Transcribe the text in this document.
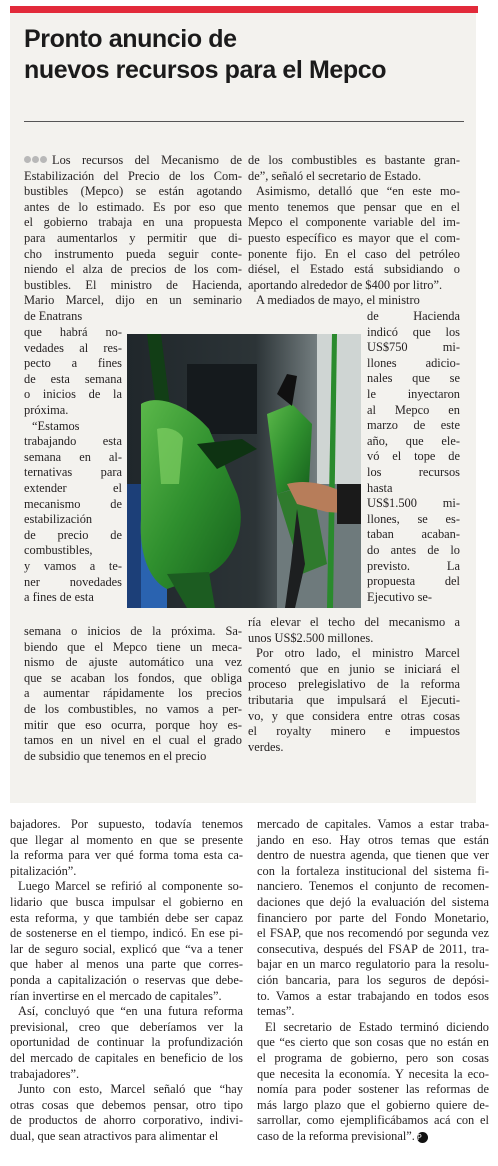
Pronto anuncio de
nuevos recursos para el Mepco
Los recursos del Mecanismo de
Estabilización del Precio de los Com-
bustibles (Mepco) se están agotando
antes de lo estimado. Es por eso que
el gobierno trabaja en una propuesta
para aumentarlos y permitir que di-
cho instrumento pueda seguir conte-
niendo el alza de precios de los com-
bustibles. El ministro de Hacienda,
Mario Marcel, dijo en un seminario
de Enatrans
que habrá no-
vedades al res-
pecto a fines
de esta semana
o inicios de la
próxima.
“Estamos
trabajando esta
semana en al-
ternativas para
extender el
mecanismo de
estabilización
de precio de
combustibles,
y vamos a te-
ner novedades
a fines de esta
semana o inicios de la próxima. Sa-
biendo que el Mepco tiene un meca-
nismo de ajuste automático una vez
que se acaban los fondos, que obliga
a aumentar rápidamente los precios
de los combustibles, no vamos a per-
mitir que eso ocurra, porque hoy es-
tamos en un nivel en el cual el grado
de subsidio que tenemos en el precio
de los combustibles es bastante gran-
de”, señaló el secretario de Estado.
Asimismo, detalló que “en este mo-
mento tenemos que pensar que en el
Mepco el componente variable del im-
puesto específico es mayor que el com-
ponente fijo. En el caso del petróleo
diésel, el Estado está subsidiando o
aportando alrededor de $400 por litro”.
A mediados de mayo, el ministro
de Hacienda
indicó que los
US$750 mi-
llones adicio-
nales que se
le inyectaron
al Mepco en
marzo de este
año, que ele-
vó el tope de
los recursos
hasta
US$1.500 mi-
llones, se es-
taban acaban-
do antes de lo
previsto. La
propuesta del
Ejecutivo se-
ría elevar el techo del mecanismo a
unos US$2.500 millones.
Por otro lado, el ministro Marcel
comentó que en junio se iniciará el
proceso prelegislativo de la reforma
tributaria que impulsará el Ejecuti-
vo, y que considera entre otras cosas
el royalty minero e impuestos
verdes.
bajadores. Por supuesto, todavía tenemos
que llegar al momento en que se presente
la reforma para ver qué forma toma esta ca-
pitalización”.
Luego Marcel se refirió al componente so-
lidario que busca impulsar el gobierno en
esta reforma, y que también debe ser capaz
de sostenerse en el tiempo, indicó. En ese pi-
lar de seguro social, explicó que “va a tener
que haber al menos una parte que corres-
ponda a capitalización o reservas que debe-
rían invertirse en el mercado de capitales”.
Así, concluyó que “en una futura reforma
previsional, creo que deberíamos ver la
oportunidad de continuar la profundización
del mercado de capitales en beneficio de los
trabajadores”.
Junto con esto, Marcel señaló que “hay
otras cosas que debemos pensar, otro tipo
de productos de ahorro corporativo, indivi-
dual, que sean atractivos para alimentar el
mercado de capitales. Vamos a estar traba-
jando en eso. Hay otros temas que están
dentro de nuestra agenda, que tienen que ver
con la fortaleza institucional del sistema fi-
nanciero. Tenemos el conjunto de recomen-
daciones que dejó la evaluación del sistema
financiero por parte del Fondo Monetario,
el FSAP, que nos recomendó por segunda vez
consecutiva, después del FSAP de 2011, tra-
bajar en un marco regulatorio para la resolu-
ción bancaria, para los seguros de depósi-
to. Vamos a estar trabajando en todos esos
temas”.
El secretario de Estado terminó diciendo
que “es cierto que son cosas que no están en
el programa de gobierno, pero son cosas
que necesita la economía. Y necesita la eco-
nomía para poder sostener las reformas de
más largo plazo que el gobierno quiere de-
sarrollar, como ejemplificábamos acá con el
caso de la reforma previsional”. P
